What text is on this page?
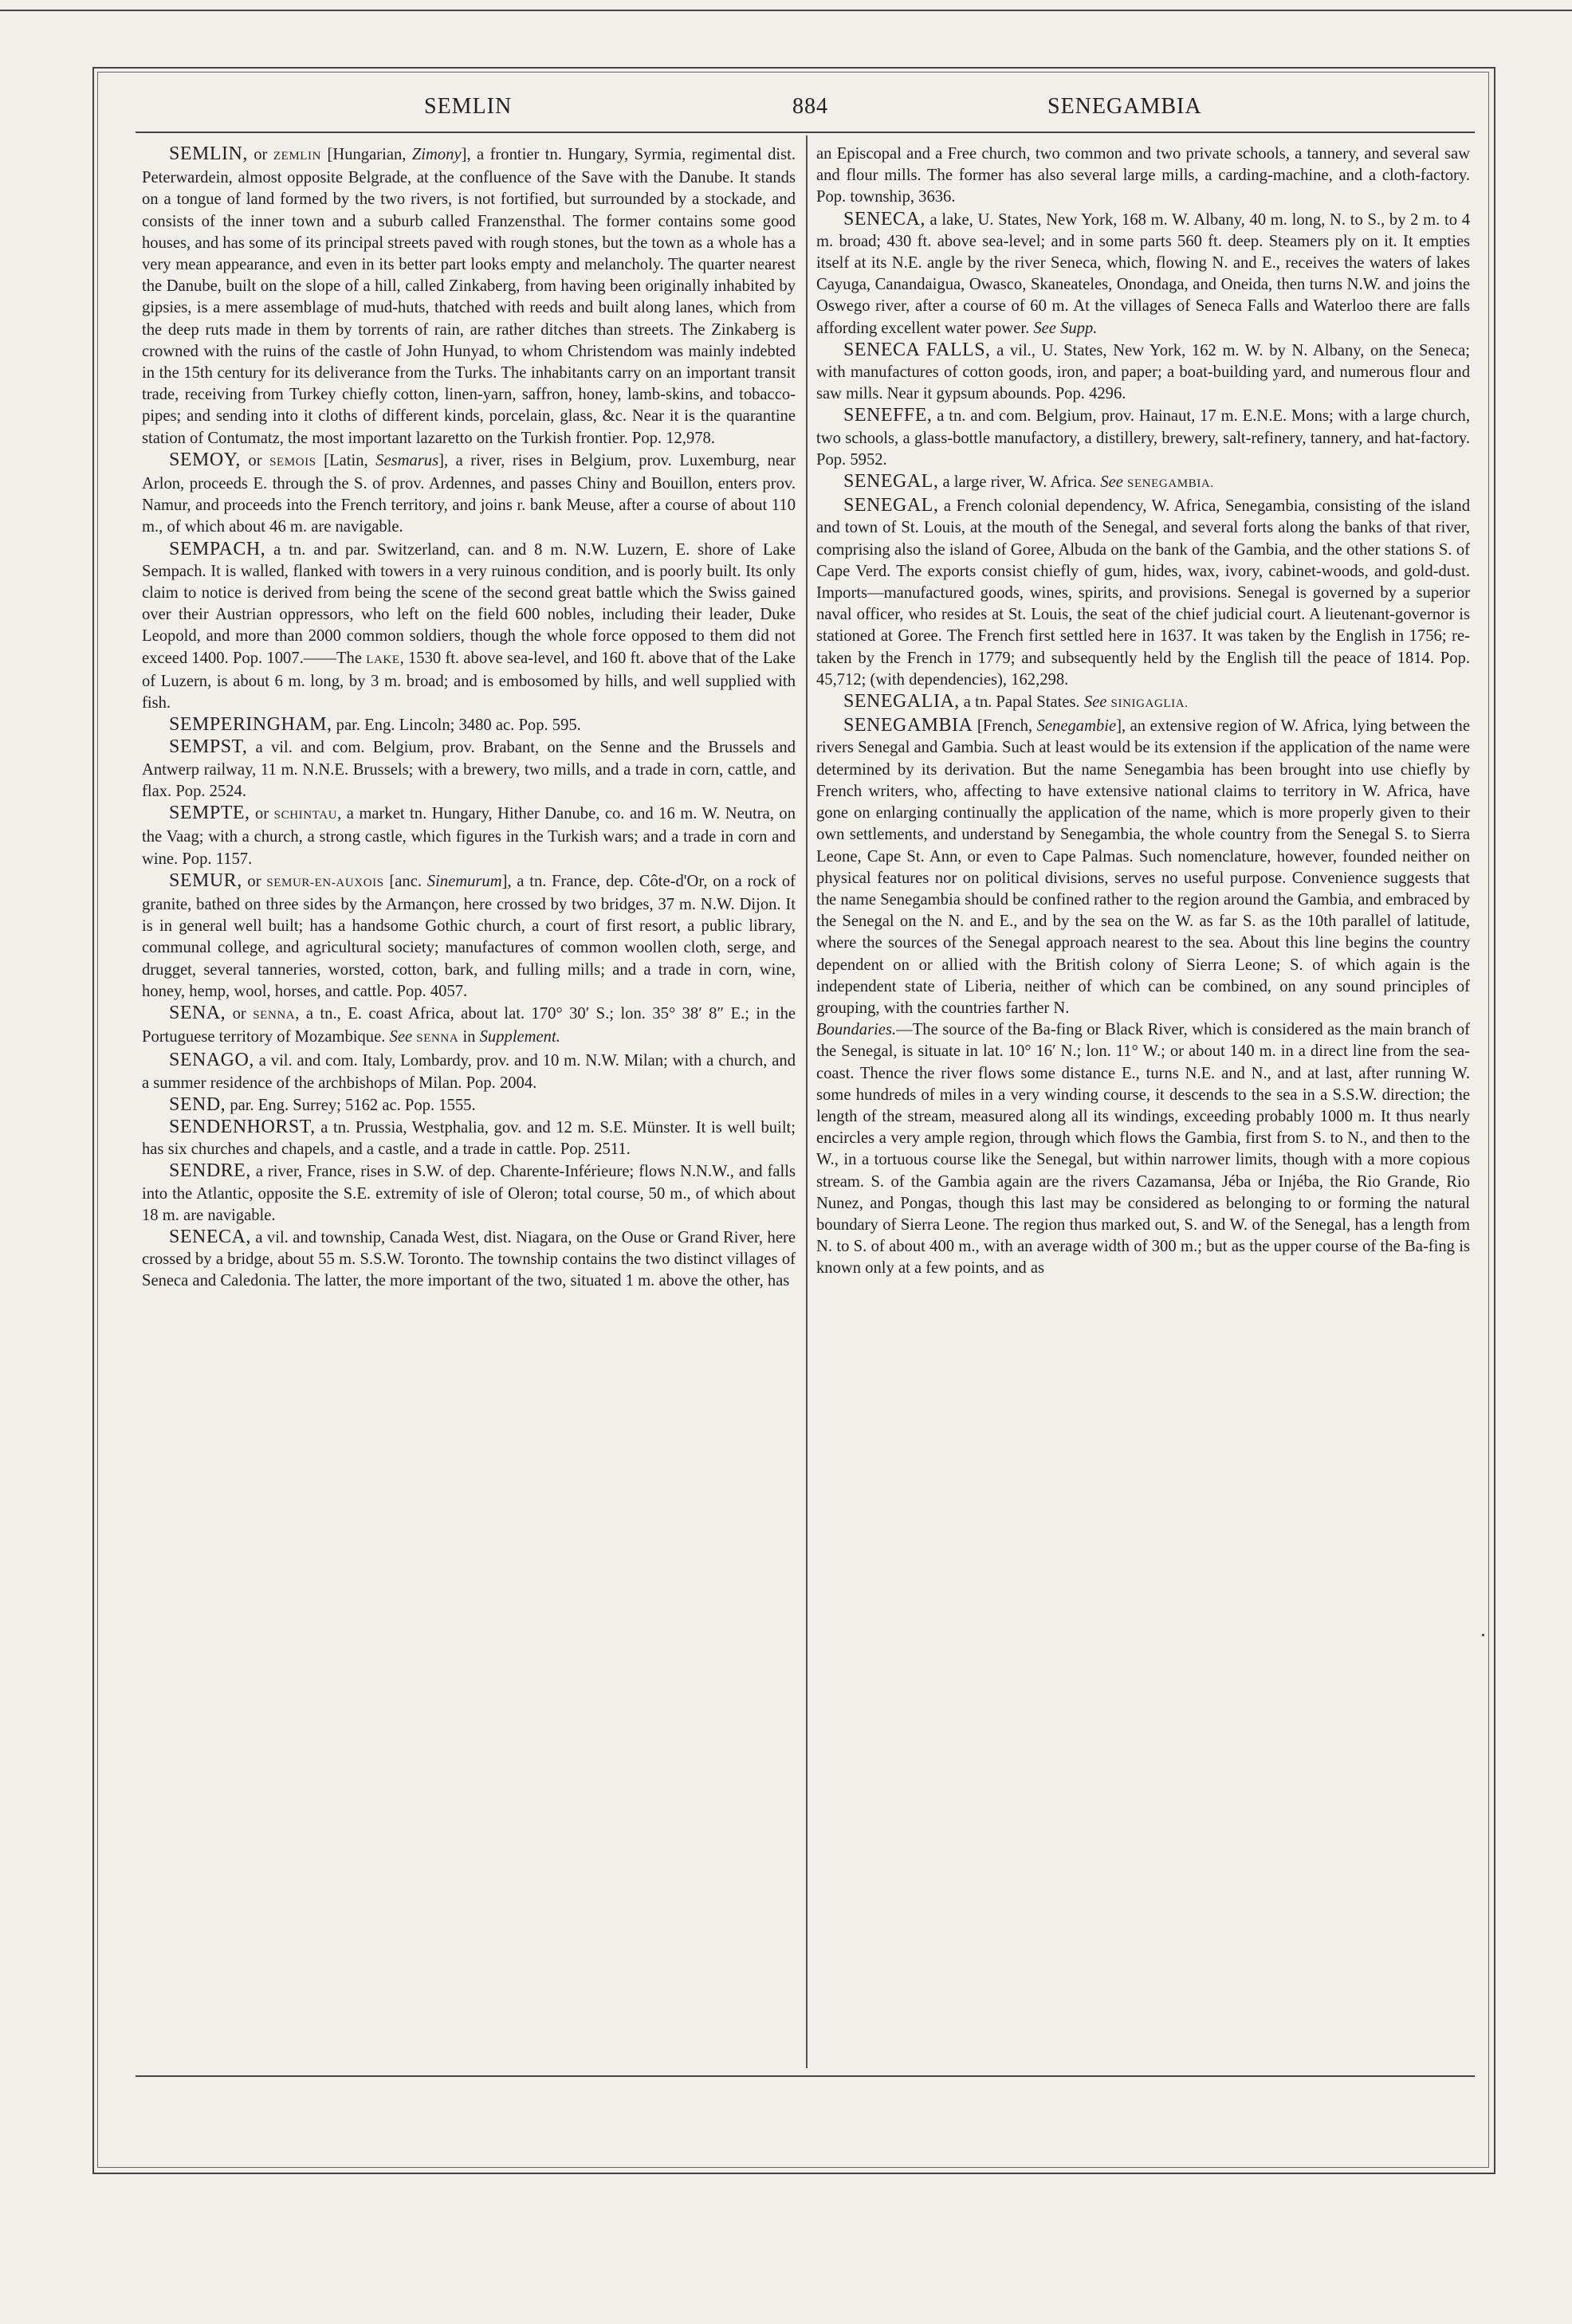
SEMLIN	884	SENEGAMBIA

SEMLIN, or ZEMLIN [Hungarian, Zimony], a frontier tn. Hungary, Syrmia, regimental dist. Peterwardein, almost opposite Belgrade, at the confluence of the Save with the Danube. It stands on a tongue of land formed by the two rivers, is not fortified, but surrounded by a stockade, and consists of the inner town and a suburb called Franzensthal. The former contains some good houses, and has some of its principal streets paved with rough stones, but the town as a whole has a very mean appearance, and even in its better part looks empty and melancholy. The quarter nearest the Danube, built on the slope of a hill, called Zinkaberg, from having been originally inhabited by gipsies, is a mere assemblage of mud-huts, thatched with reeds and built along lanes, which from the deep ruts made in them by torrents of rain, are rather ditches than streets. The Zinkaberg is crowned with the ruins of the castle of John Hunyad, to whom Christendom was mainly indebted in the 15th century for its deliverance from the Turks. The inhabitants carry on an important transit trade, receiving from Turkey chiefly cotton, linen-yarn, saffron, honey, lamb-skins, and tobacco-pipes; and sending into it cloths of different kinds, porcelain, glass, &c. Near it is the quarantine station of Contumatz, the most important lazaretto on the Turkish frontier. Pop. 12,978.

SEMOY, or SEMOIS [Latin, Sesmarus], a river, rises in Belgium, prov. Luxemburg, near Arlon, proceeds E. through the S. of prov. Ardennes, and passes Chiny and Bouillon, enters prov. Namur, and proceeds into the French territory, and joins r. bank Meuse, after a course of about 110 m., of which about 46 m. are navigable.

SEMPACH, a tn. and par. Switzerland, can. and 8 m. N.W. Luzern, E. shore of Lake Sempach. It is walled, flanked with towers in a very ruinous condition, and is poorly built. Its only claim to notice is derived from being the scene of the second great battle which the Swiss gained over their Austrian oppressors, who left on the field 600 nobles, including their leader, Duke Leopold, and more than 2000 common soldiers, though the whole force opposed to them did not exceed 1400. Pop. 1007.——The LAKE, 1530 ft. above sea-level, and 160 ft. above that of the Lake of Luzern, is about 6 m. long, by 3 m. broad; and is embosomed by hills, and well supplied with fish.

SEMPERINGHAM, par. Eng. Lincoln; 3480 ac. Pop. 595.

SEMPST, a vil. and com. Belgium, prov. Brabant, on the Senne and the Brussels and Antwerp railway, 11 m. N.N.E. Brussels; with a brewery, two mills, and a trade in corn, cattle, and flax. Pop. 2524.

SEMPTE, or SCHINTAU, a market tn. Hungary, Hither Danube, co. and 16 m. W. Neutra, on the Vaag; with a church, a strong castle, which figures in the Turkish wars; and a trade in corn and wine. Pop. 1157.

SEMUR, or SEMUR-EN-AUXOIS [anc. Sinemurum], a tn. France, dep. Côte-d'Or, on a rock of granite, bathed on three sides by the Armançon, here crossed by two bridges, 37 m. N.W. Dijon. It is in general well built; has a handsome Gothic church, a court of first resort, a public library, communal college, and agricultural society; manufactures of common woollen cloth, serge, and drugget, several tanneries, worsted, cotton, bark, and fulling mills; and a trade in corn, wine, honey, hemp, wool, horses, and cattle. Pop. 4057.

SENA, or SENNA, a tn., E. coast Africa, about lat. 170° 30′ S.; lon. 35° 38′ 8″ E.; in the Portuguese territory of Mozambique. See SENNA in Supplement.

SENAGO, a vil. and com. Italy, Lombardy, prov. and 10 m. N.W. Milan; with a church, and a summer residence of the archbishops of Milan. Pop. 2004.

SEND, par. Eng. Surrey; 5162 ac. Pop. 1555.

SENDENHORST, a tn. Prussia, Westphalia, gov. and 12 m. S.E. Münster. It is well built; has six churches and chapels, and a castle, and a trade in cattle. Pop. 2511.

SENDRE, a river, France, rises in S.W. of dep. Charente-Inférieure; flows N.N.W., and falls into the Atlantic, opposite the S.E. extremity of isle of Oleron; total course, 50 m., of which about 18 m. are navigable.

SENECA, a vil. and township, Canada West, dist. Niagara, on the Ouse or Grand River, here crossed by a bridge, about 55 m. S.S.W. Toronto. The township contains the two distinct villages of Seneca and Caledonia. The latter, the more important of the two, situated 1 m. above the other, has

an Episcopal and a Free church, two common and two private schools, a tannery, and several saw and flour mills. The former has also several large mills, a carding-machine, and a cloth-factory. Pop. township, 3636.

SENECA, a lake, U. States, New York, 168 m. W. Albany, 40 m. long, N. to S., by 2 m. to 4 m. broad; 430 ft. above sea-level; and in some parts 560 ft. deep. Steamers ply on it. It empties itself at its N.E. angle by the river Seneca, which, flowing N. and E., receives the waters of lakes Cayuga, Canandaigua, Owasco, Skaneateles, Onondaga, and Oneida, then turns N.W. and joins the Oswego river, after a course of 60 m. At the villages of Seneca Falls and Waterloo there are falls affording excellent water power. See Supp.

SENECA FALLS, a vil., U. States, New York, 162 m. W. by N. Albany, on the Seneca; with manufactures of cotton goods, iron, and paper; a boat-building yard, and numerous flour and saw mills. Near it gypsum abounds. Pop. 4296.

SENEFFE, a tn. and com. Belgium, prov. Hainaut, 17 m. E.N.E. Mons; with a large church, two schools, a glass-bottle manufactory, a distillery, brewery, salt-refinery, tannery, and hat-factory. Pop. 5952.

SENEGAL, a large river, W. Africa. See SENEGAMBIA.

SENEGAL, a French colonial dependency, W. Africa, Senegambia, consisting of the island and town of St. Louis, at the mouth of the Senegal, and several forts along the banks of that river, comprising also the island of Goree, Albuda on the bank of the Gambia, and the other stations S. of Cape Verd. The exports consist chiefly of gum, hides, wax, ivory, cabinet-woods, and gold-dust. Imports—manufactured goods, wines, spirits, and provisions. Senegal is governed by a superior naval officer, who resides at St. Louis, the seat of the chief judicial court. A lieutenant-governor is stationed at Goree. The French first settled here in 1637. It was taken by the English in 1756; re-taken by the French in 1779; and subsequently held by the English till the peace of 1814. Pop. 45,712; (with dependencies), 162,298.

SENEGALIA, a tn. Papal States. See SINIGAGLIA.

SENEGAMBIA [French, Senegambie], an extensive region of W. Africa, lying between the rivers Senegal and Gambia. Such at least would be its extension if the application of the name were determined by its derivation. But the name Senegambia has been brought into use chiefly by French writers, who, affecting to have extensive national claims to territory in W. Africa, have gone on enlarging continually the application of the name, which is more properly given to their own settlements, and understand by Senegambia, the whole country from the Senegal S. to Sierra Leone, Cape St. Ann, or even to Cape Palmas. Such nomenclature, however, founded neither on physical features nor on political divisions, serves no useful purpose. Convenience suggests that the name Senegambia should be confined rather to the region around the Gambia, and embraced by the Senegal on the N. and E., and by the sea on the W. as far S. as the 10th parallel of latitude, where the sources of the Senegal approach nearest to the sea. About this line begins the country dependent on or allied with the British colony of Sierra Leone; S. of which again is the independent state of Liberia, neither of which can be combined, on any sound principles of grouping, with the countries farther N.

Boundaries.—The source of the Ba-fing or Black River, which is considered as the main branch of the Senegal, is situate in lat. 10° 16′ N.; lon. 11° W.; or about 140 m. in a direct line from the sea-coast. Thence the river flows some distance E., turns N.E. and N., and at last, after running W. some hundreds of miles in a very winding course, it descends to the sea in a S.S.W. direction; the length of the stream, measured along all its windings, exceeding probably 1000 m. It thus nearly encircles a very ample region, through which flows the Gambia, first from S. to N., and then to the W., in a tortuous course like the Senegal, but within narrower limits, though with a more copious stream. S. of the Gambia again are the rivers Cazamansa, Jéba or Injéba, the Rio Grande, Rio Nunez, and Pongas, though this last may be considered as belonging to or forming the natural boundary of Sierra Leone. The region thus marked out, S. and W. of the Senegal, has a length from N. to S. of about 400 m., with an average width of 300 m.; but as the upper course of the Ba-fing is known only at a few points, and as
